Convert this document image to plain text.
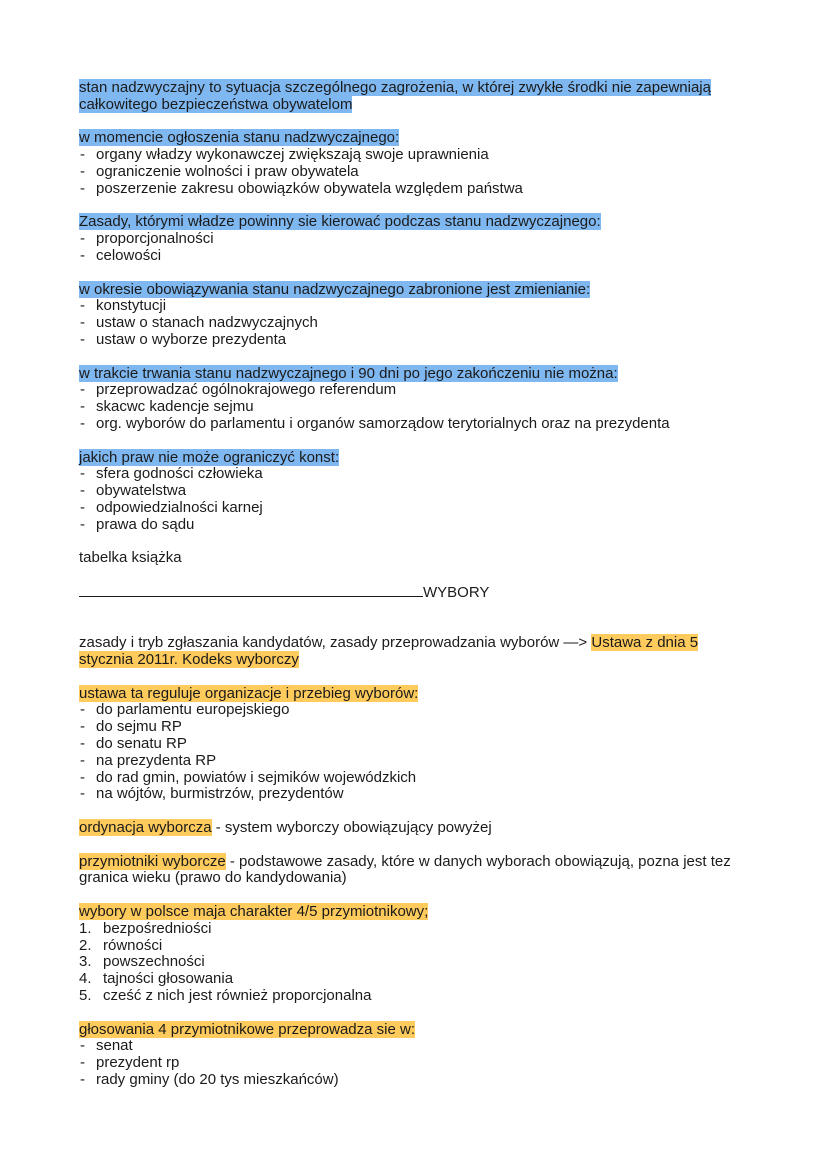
stan nadzwyczajny to sytuacja szczególnego zagrożenia, w której zwykłe środki nie zapewniają całkowitego bezpieczeństwa obywatelom

w momencie ogłoszenia stanu nadzwyczajnego:

- organy władzy wykonawczej zwiększają swoje uprawnienia
- ograniczenie wolności i praw obywatela
- poszerzenie zakresu obowiązków obywatela względem państwa

Zasady, którymi władze powinny sie kierować podczas stanu nadzwyczajnego:

- proporcjonalności
- celowości

w okresie obowiązywania stanu nadzwyczajnego zabronione jest zmienianie:

- konstytucji
- ustaw o stanach nadzwyczajnych
- ustaw o wyborze prezydenta

w trakcie trwania stanu nadzwyczajnego i 90 dni po jego zakończeniu nie można:

- przeprowadzać ogólnokrajowego referendum
- skacwc kadencje sejmu
- org. wyborów do parlamentu i organów samorządow terytorialnych oraz na prezydenta

jakich praw nie może ograniczyć konst:

- sfera godności człowieka
- obywatelstwa
- odpowiedzialności karnej
- prawa do sądu

tabelka książka

WYBORY

zasady i tryb zgłaszania kandydatów, zasady przeprowadzania wyborów —> Ustawa z dnia 5 stycznia 2011r. Kodeks wyborczy

ustawa ta reguluje organizacje i przebieg wyborów:

- do parlamentu europejskiego
- do sejmu RP
- do senatu RP
- na prezydenta RP
- do rad gmin, powiatów i sejmików wojewódzkich
- na wójtów, burmistrzów, prezydentów

ordynacja wyborcza - system wyborczy obowiązujący powyżej

przymiotniki wyborcze - podstawowe zasady, które w danych wyborach obowiązują, pozna jest tez granica wieku (prawo do kandydowania)

wybory w polsce maja charakter 4/5 przymiotnikowy;

1. bezpośredniości
2. równości
3. powszechności
4. tajności głosowania
5. cześć z nich jest również proporcjonalna

głosowania 4 przymiotnikowe przeprowadza sie w:

- senat
- prezydent rp
- rady gminy (do 20 tys mieszkańców)
